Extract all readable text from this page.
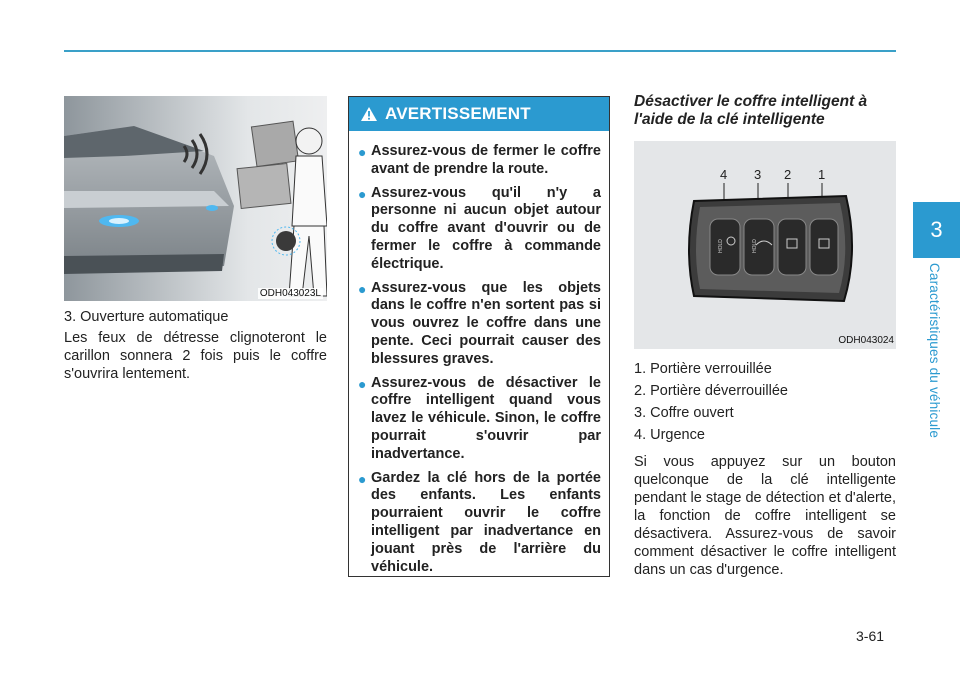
3
Caractéristiques du véhicule
ODH043023L
3. Ouverture automatique

Les feux de détresse clignoteront le carillon sonnera 2 fois puis le coffre s'ouvrira lentement.

AVERTISSEMENT
● Assurez-vous de fermer le coffre avant de prendre la route.
● Assurez-vous qu'il n'y a personne ni aucun objet autour du coffre avant d'ouvrir ou de fermer le coffre à commande électrique.
● Assurez-vous que les objets dans le coffre n'en sortent pas si vous ouvrez le coffre dans une pente. Ceci pourrait causer des blessures graves.
● Assurez-vous de désactiver le coffre intelligent quand vous lavez le véhicule. Sinon, le coffre pourrait s'ouvrir par inadvertance.
● Gardez la clé hors de la portée des enfants. Les enfants pourraient ouvrir le coffre intelligent par inadvertance en jouant près de l'arrière du véhicule.
Désactiver le coffre intelligent à l'aide de la clé intelligente
4 3 2 1
HOLD	HOLD
ODH043024
1. Portière verrouillée
2. Portière déverrouillée
3. Coffre ouvert
4. Urgence

Si vous appuyez sur un bouton quelconque de la clé intelligente pendant le stage de détection et d'alerte, la fonction de coffre intelligent se désactivera. Assurez-vous de savoir comment désactiver le coffre intelligent dans un cas d'urgence.

3-61
